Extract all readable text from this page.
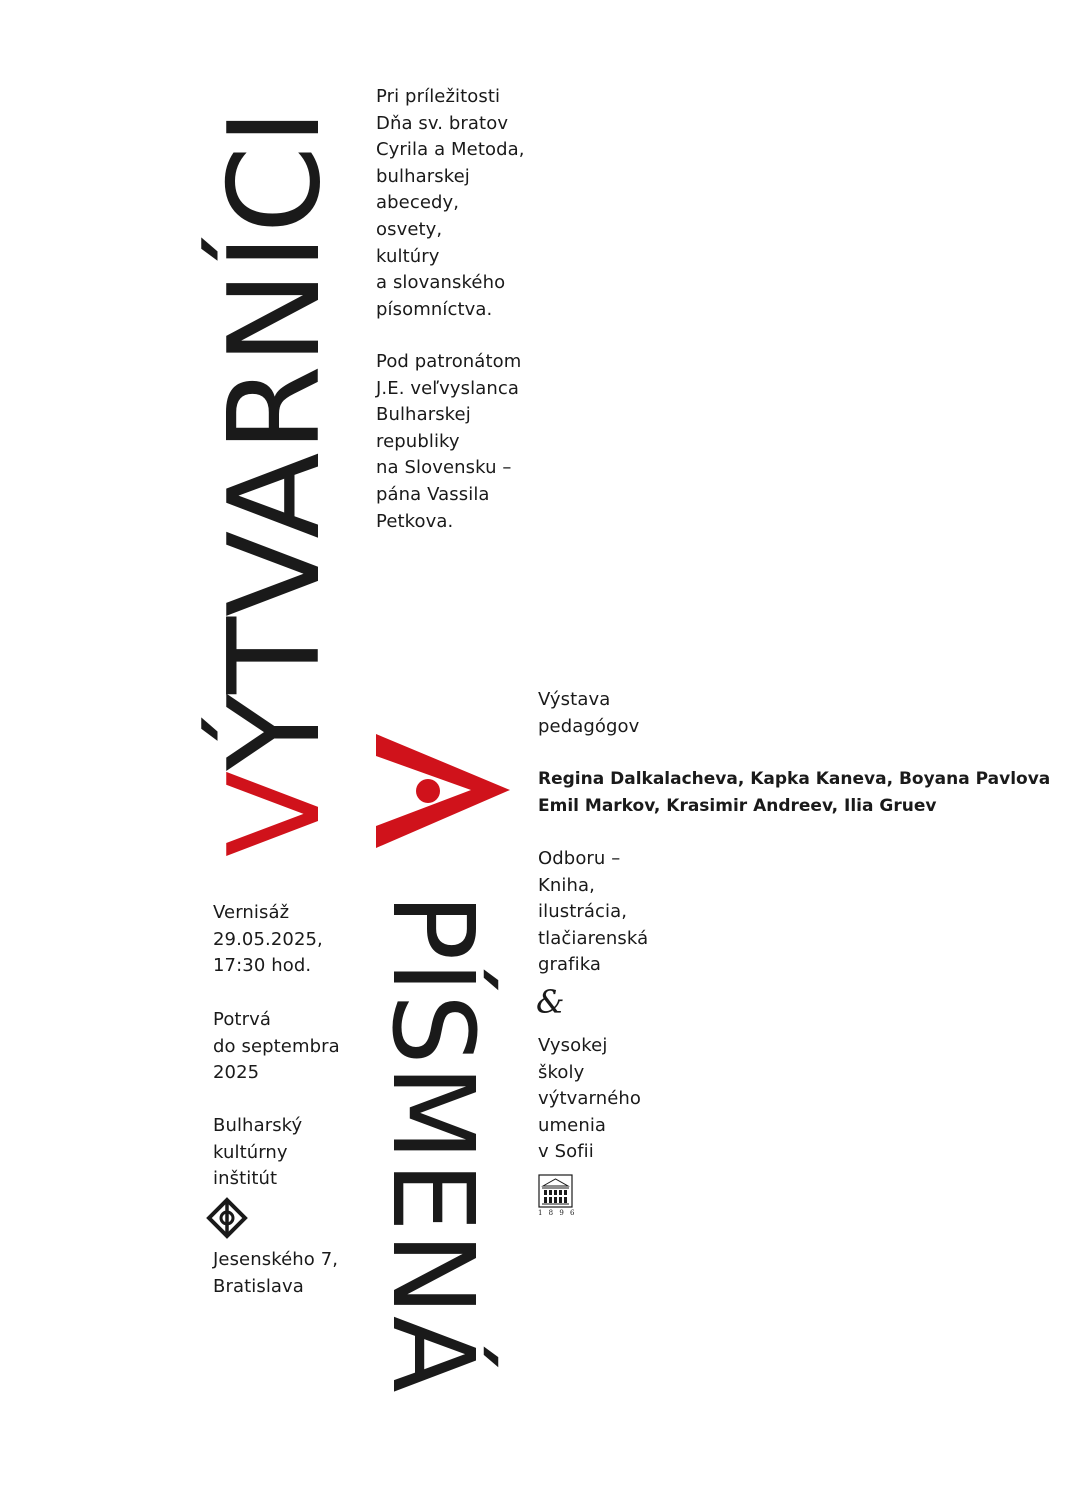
VÝTVARNÍCI
PÍSMENÁ
Pri príležitosti
Dňa sv. bratov
Cyrila a Metoda,
bulharskej
abecedy,
osvety,
kultúry
a slovanského
písomníctva.
Pod patronátom
J.E. veľvyslanca
Bulharskej
republiky
na Slovensku –
pána Vassila
Petkova.
Výstava
pedagógov
Regina Dalkalacheva, Kapka Kaneva, Boyana Pavlova
Emil Markov, Krasimir Andreev, Ilia Gruev
Odboru –
Kniha,
ilustrácia,
tlačiarenská
grafika
&
Vysokej
školy
výtvarného
umenia
v Sofii
1 8 9 6
Vernisáž
29.05.2025,
17:30 hod.
Potrvá
do septembra
2025
Bulharský
kultúrny
inštitút
Jesenského 7,
Bratislava
